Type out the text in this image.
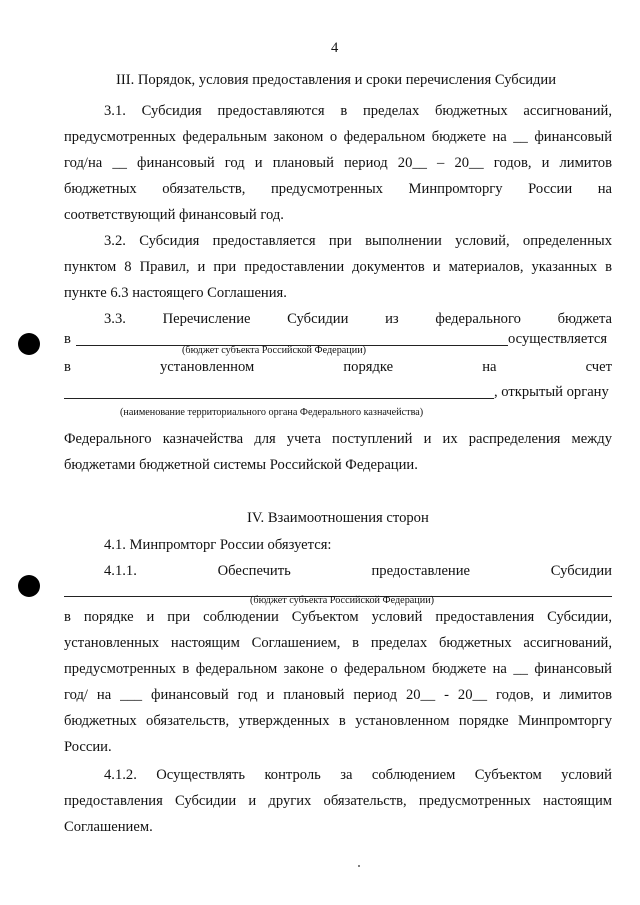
4
III. Порядок, условия предоставления и сроки перечисления Субсидии
3.1. Субсидия предоставляются в пределах бюджетных ассигнований,
предусмотренных федеральным законом о федеральном бюджете на __ финансовый
год/на __ финансовый год и плановый период 20__ – 20__ годов, и лимитов
бюджетных обязательств, предусмотренных Минпромторгу России на
соответствующий финансовый год.
3.2. Субсидия предоставляется при выполнении условий, определенных
пунктом 8 Правил, и при предоставлении документов и материалов, указанных в
пункте 6.3 настоящего Соглашения.
3.3. Перечисление Субсидии из федерального бюджета
в	осуществляется
(бюджет субъекта Российской Федерации)
в установленном порядке на счет
, открытый органу
(наименование территориального органа Федерального казначейства)
Федерального казначейства для учета поступлений и их распределения между
бюджетами бюджетной системы Российской Федерации.
IV. Взаимоотношения сторон
4.1. Минпромторг России обязуется:
4.1.1. Обеспечить предоставление Субсидии
(бюджет субъекта Российской Федерации)
в порядке и при соблюдении Субъектом условий предоставления Субсидии,
установленных настоящим Соглашением, в пределах бюджетных ассигнований,
предусмотренных в федеральном законе о федеральном бюджете на __ финансовый
год/ на ___ финансовый год и плановый период 20__ - 20__ годов, и лимитов
бюджетных обязательств, утвержденных в установленном порядке Минпромторгу
России.
4.1.2. Осуществлять контроль за соблюдением Субъектом условий
предоставления Субсидии и других обязательств, предусмотренных настоящим
Соглашением.
